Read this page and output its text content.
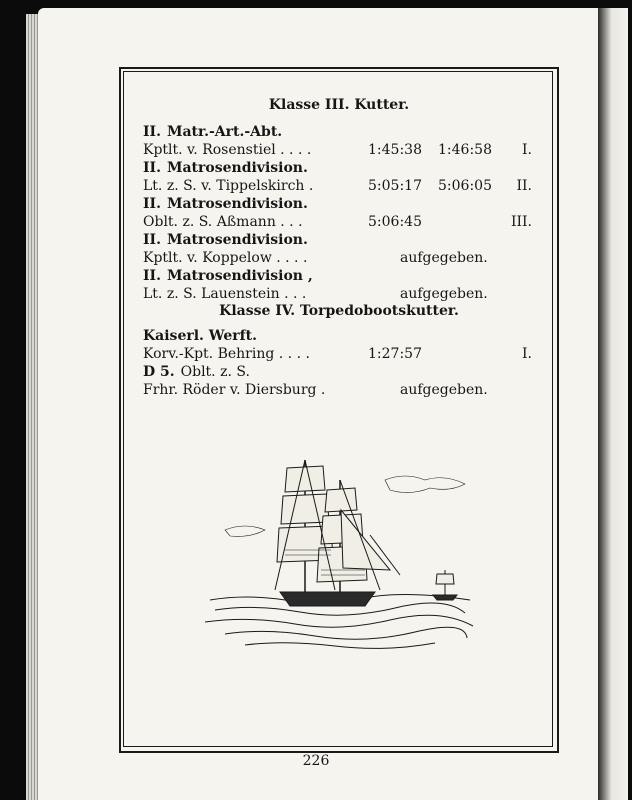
Klasse III. Kutter.
II. Matr.-Art.-Abt.
Kptlt. v. Rosenstiel . . . .	1:45:38 1:46:58 I.
II. Matrosendivision.
Lt. z. S. v. Tippelskirch .	5:05:17 5:06:05 II.
II. Matrosendivision.
Oblt. z. S. Aßmann . . .	5:06:45	III.
II. Matrosendivision.
Kptlt. v. Koppelow . . . .	aufgegeben.
II. Matrosendivision ,
Lt. z. S. Lauenstein . . .	aufgegeben.
Klasse IV. Torpedobootskutter.
Kaiserl. Werft.
Korv.-Kpt. Behring . . . .	1:27:57	I.
D 5. Oblt. z. S.
Frhr. Röder v. Diersburg .	aufgegeben.
226
